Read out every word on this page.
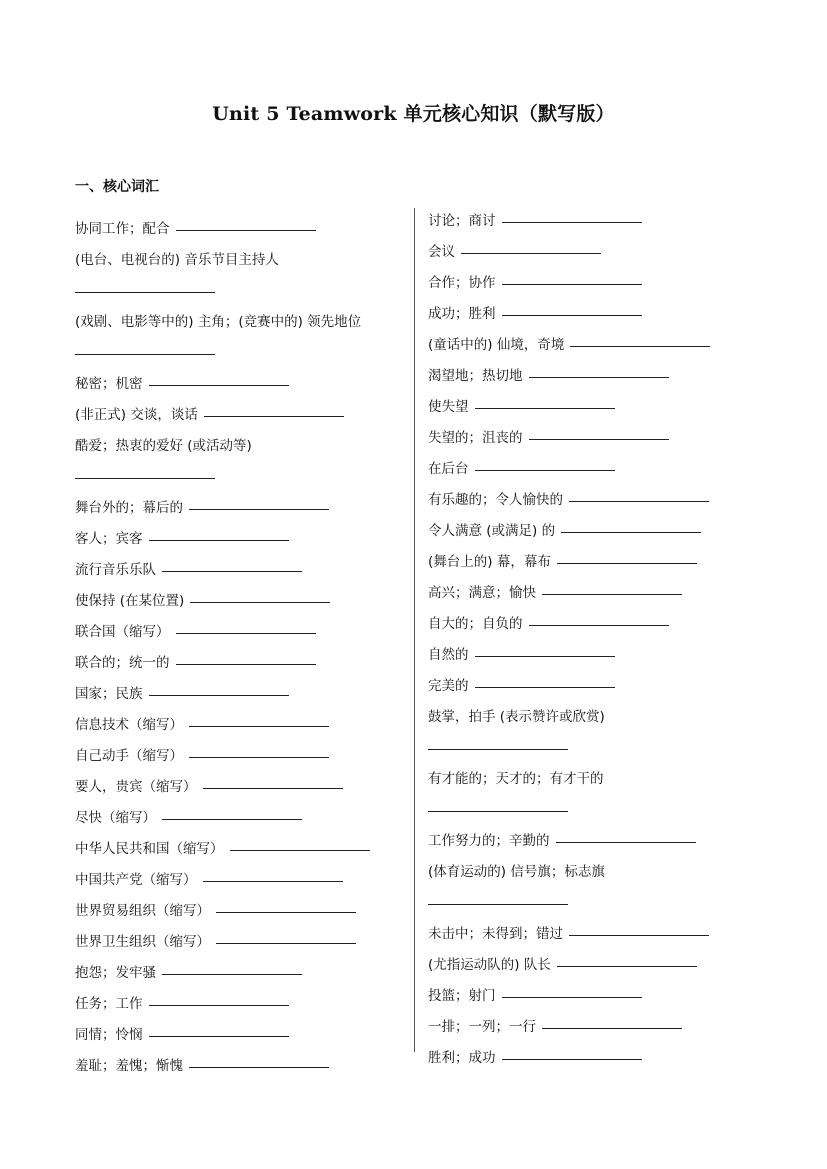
Unit 5 Teamwork 单元核心知识（默写版）
一、核心词汇
协同工作；配合
(电台、电视台的) 音乐节目主持人
(戏剧、电影等中的) 主角；(竞赛中的) 领先地位
秘密；机密
(非正式) 交谈，谈话
酷爱；热衷的爱好 (或活动等)
舞台外的；幕后的
客人；宾客
流行音乐乐队
使保持 (在某位置)
联合国（缩写）
联合的；统一的
国家；民族
信息技术（缩写）
自己动手（缩写）
要人，贵宾（缩写）
尽快（缩写）
中华人民共和国（缩写）
中国共产党（缩写）
世界贸易组织（缩写）
世界卫生组织（缩写）
抱怨；发牢骚
任务；工作
同情；怜悯
羞耻；羞愧；惭愧
讨论；商讨
会议
合作；协作
成功；胜利
(童话中的) 仙境，奇境
渴望地；热切地
使失望
失望的；沮丧的
在后台
有乐趣的；令人愉快的
令人满意 (或满足) 的
(舞台上的) 幕，幕布
高兴；满意；愉快
自大的；自负的
自然的
完美的
鼓掌，拍手 (表示赞许或欣赏)
有才能的；天才的；有才干的
工作努力的；辛勤的
(体育运动的) 信号旗；标志旗
未击中；未得到；错过
(尤指运动队的) 队长
投篮；射门
一排；一列；一行
胜利；成功
